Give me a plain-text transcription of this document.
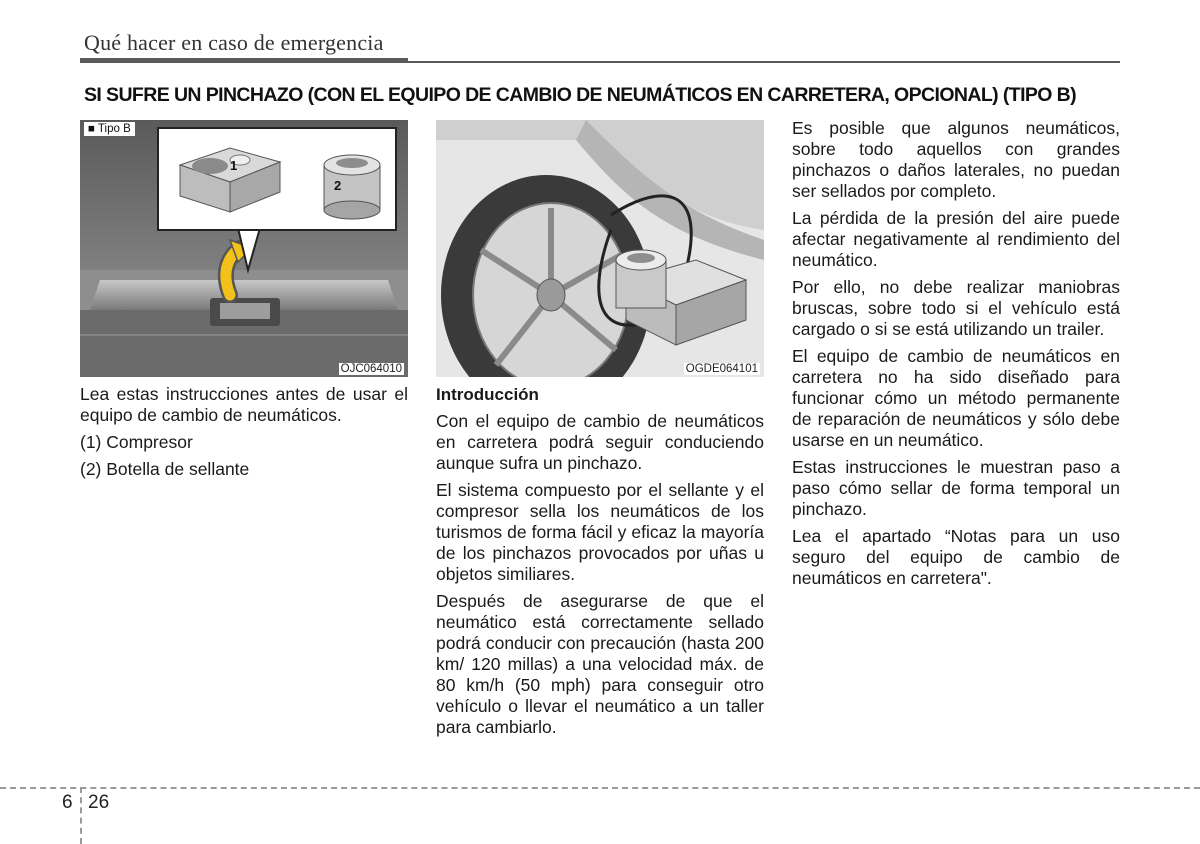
Qué hacer en caso de emergencia
SI SUFRE UN PINCHAZO (CON EL EQUIPO DE CAMBIO DE NEUMÁTICOS EN CARRETERA, OPCIONAL) (TIPO B)
1
2
■ Tipo B
OJC064010	OGDE064101

Lea estas instrucciones antes de usar el equipo de cambio de neumáticos.

(1) Compresor

(2) Botella de sellante

Introducción

Con el equipo de cambio de neumáticos en carretera podrá seguir conduciendo aunque sufra un pinchazo.

El sistema compuesto por el sellante y el compresor sella los neumáticos de los turismos de forma fácil y eficaz la mayoría de los pinchazos provocados por uñas u objetos similiares.

Después de asegurarse de que el neumático está correctamente sellado podrá conducir con precaución (hasta 200 km/ 120 millas) a una velocidad máx. de 80 km/h (50 mph) para conseguir otro vehículo o llevar el neumático a un taller para cambiarlo.

Es posible que algunos neumáticos, sobre todo aquellos con grandes pinchazos o daños laterales, no puedan ser sellados por completo.

La pérdida de la presión del aire puede afectar negativamente al rendimiento del neumático.

Por ello, no debe realizar maniobras bruscas, sobre todo si el vehículo está cargado o si se está utilizando un trailer.

El equipo de cambio de neumáticos en carretera no ha sido diseñado para funcionar cómo un método permanente de reparación de neumáticos y sólo debe usarse en un neumático.

Estas instrucciones le muestran paso a paso cómo sellar de forma temporal un pinchazo.

Lea el apartado “Notas para un uso seguro del equipo de cambio de neumáticos en carretera".

6 26
